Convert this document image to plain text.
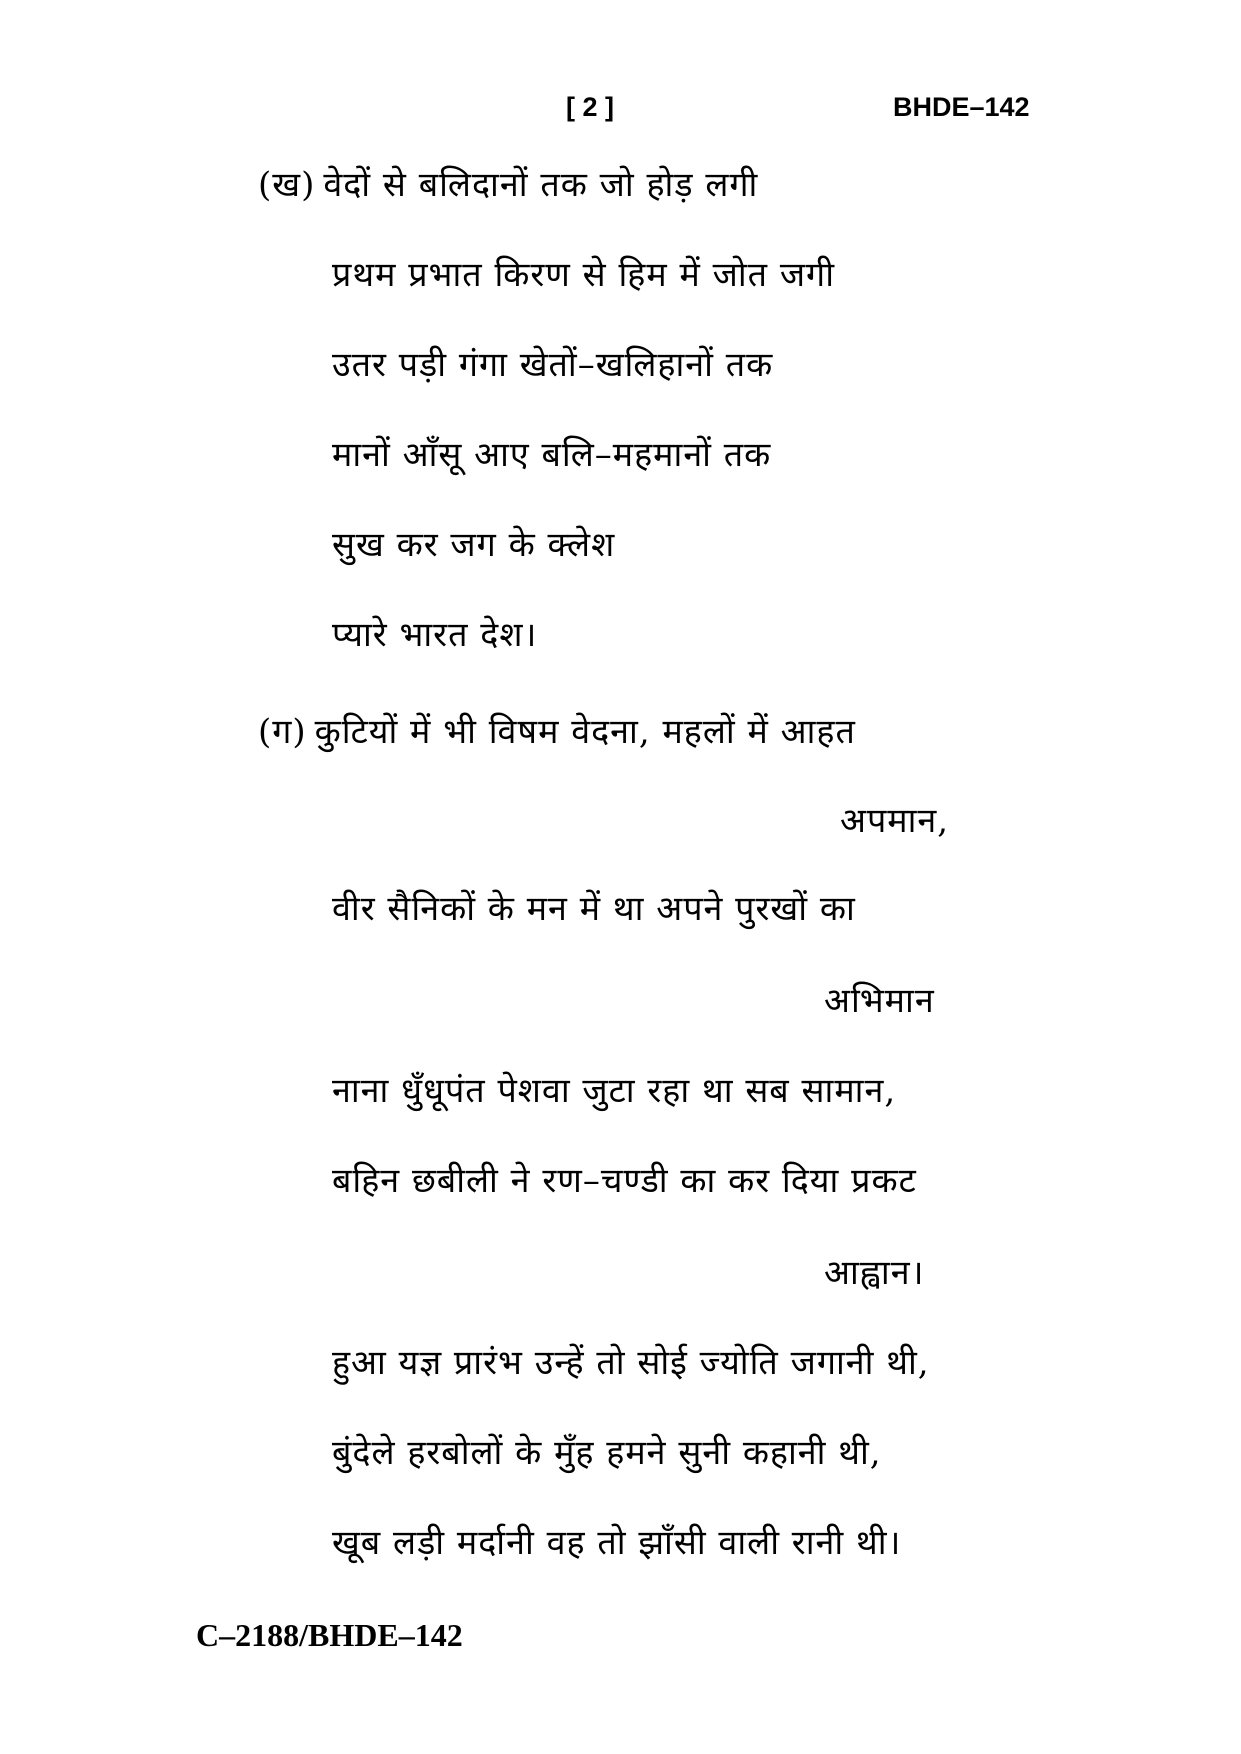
[ 2 ]	BHDE–142
(ख) वेदों से बलिदानों तक जो होड़ लगी
प्रथम प्रभात किरण से हिम में जोत जगी
उतर पड़ी गंगा खेतों–खलिहानों तक
मानों आँसू आए बलि–महमानों तक
सुख कर जग के क्लेश
प्यारे भारत देश।
(ग) कुटियों में भी विषम वेदना, महलों में आहत
अपमान,
वीर सैनिकों के मन में था अपने पुरखों का
अभिमान
नाना धुँधूपंत पेशवा जुटा रहा था सब सामान,
बहिन छबीली ने रण–चण्डी का कर दिया प्रकट
आह्वान।
हुआ यज्ञ प्रारंभ उन्हें तो सोई ज्योति जगानी थी,
बुंदेले हरबोलों के मुँह हमने सुनी कहानी थी,
खूब लड़ी मर्दानी वह तो झाँसी वाली रानी थी।
C–2188/BHDE–142
